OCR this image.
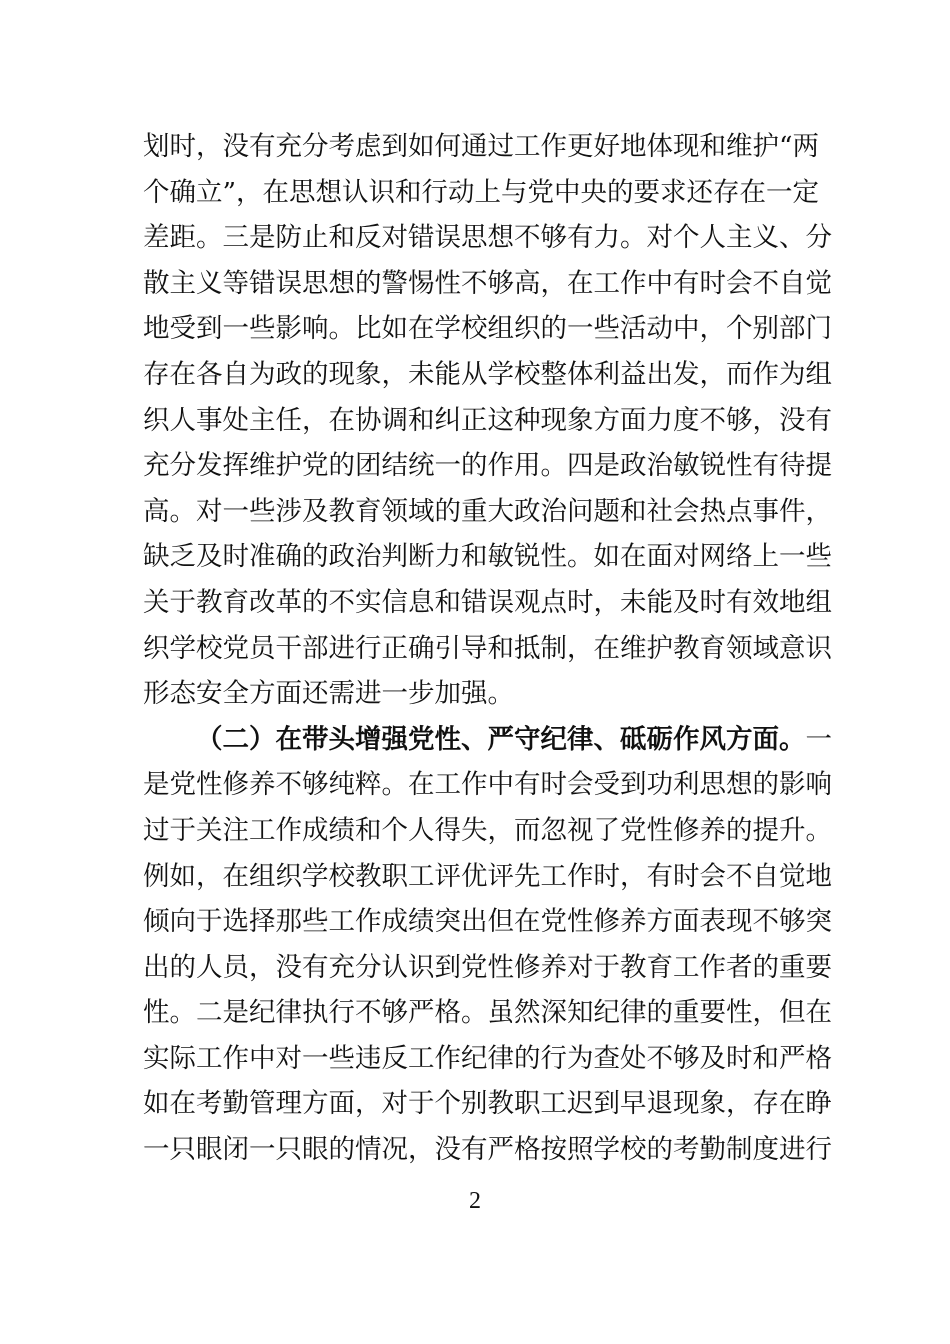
划时，没有充分考虑到如何通过工作更好地体现和维护“两
个确立”，在思想认识和行动上与党中央的要求还存在一定
差距。三是防止和反对错误思想不够有力。对个人主义、分
散主义等错误思想的警惕性不够高，在工作中有时会不自觉
地受到一些影响。比如在学校组织的一些活动中，个别部门
存在各自为政的现象，未能从学校整体利益出发，而作为组
织人事处主任，在协调和纠正这种现象方面力度不够，没有
充分发挥维护党的团结统一的作用。四是政治敏锐性有待提
高。对一些涉及教育领域的重大政治问题和社会热点事件，
缺乏及时准确的政治判断力和敏锐性。如在面对网络上一些
关于教育改革的不实信息和错误观点时，未能及时有效地组
织学校党员干部进行正确引导和抵制，在维护教育领域意识
形态安全方面还需进一步加强。
（二）在带头增强党性、严守纪律、砥砺作风方面。一
是党性修养不够纯粹。在工作中有时会受到功利思想的影响
过于关注工作成绩和个人得失，而忽视了党性修养的提升。
例如，在组织学校教职工评优评先工作时，有时会不自觉地
倾向于选择那些工作成绩突出但在党性修养方面表现不够突
出的人员，没有充分认识到党性修养对于教育工作者的重要
性。二是纪律执行不够严格。虽然深知纪律的重要性，但在
实际工作中对一些违反工作纪律的行为查处不够及时和严格
如在考勤管理方面，对于个别教职工迟到早退现象，存在睁
一只眼闭一只眼的情况，没有严格按照学校的考勤制度进行
2
